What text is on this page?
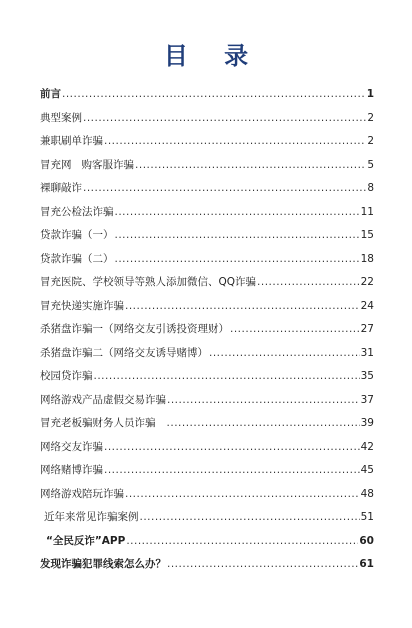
目 录
前言 .....	1
典型案例 .....	2
兼职刷单诈骗 .....	2
冒充网   购客服诈骗 .....	5
裸聊敲诈 .....	8
冒充公检法诈骗 .....	11
贷款诈骗（一） .....	15
贷款诈骗（二） .....	18
冒充医院、学校领导等熟人添加微信、QQ诈骗 .....	22
冒充快递实施诈骗 .....	24
杀猪盘诈骗一（网络交友引诱投资理财） .....	27
杀猪盘诈骗二（网络交友诱导赌博） .....	31
校园贷诈骗 .....	35
网络游戏产品虚假交易诈骗 .....	37
冒充老板骗财务人员诈骗 .....	39
网络交友诈骗 .....	42
网络赌博诈骗 .....	45
网络游戏陪玩诈骗 .....	48
近年来常见诈骗案例 .....	51
“全民反诈”APP .....	60
发现诈骗犯罪线索怎么办？ .....	61
